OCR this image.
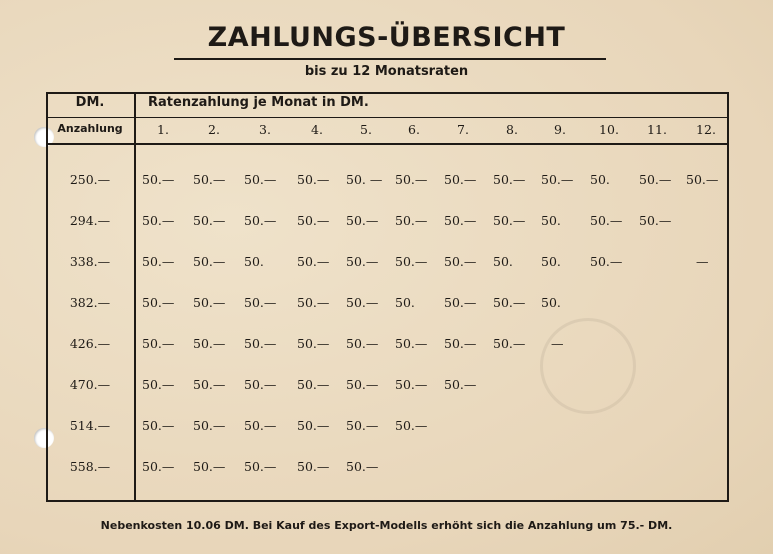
ZAHLUNGS-ÜBERSICHT
bis zu 12 Monatsraten
DM.	Ratenzahlung je Monat in DM.
Anzahlung	1.	2.	3.	4.	5.	6.	7.	8.	9.	10.	11.	12.
250.—	50.— 50.— 50.— 50.— 50. — 50.— 50.— 50.— 50.— 50. 50.— 50.—
294.—	50.— 50.— 50.— 50.— 50.— 50.— 50.— 50.— 50. 50.— 50.—
338.—	50.— 50.— 50.	50.— 50.— 50.— 50.— 50. 50. 50.—	—
382.—	50.— 50.— 50.— 50.— 50.— 50. 50.— 50.— 50.
426.—	50.— 50.— 50.— 50.— 50.— 50.— 50.— 50.— —
470.—	50.— 50.— 50.— 50.— 50.— 50.— 50.—
514.—	50.— 50.— 50.— 50.— 50.— 50.—
558.—	50.— 50.— 50.— 50.— 50.—
Nebenkosten 10.06 DM. Bei Kauf des Export-Modells erhöht sich die Anzahlung um 75.- DM.
